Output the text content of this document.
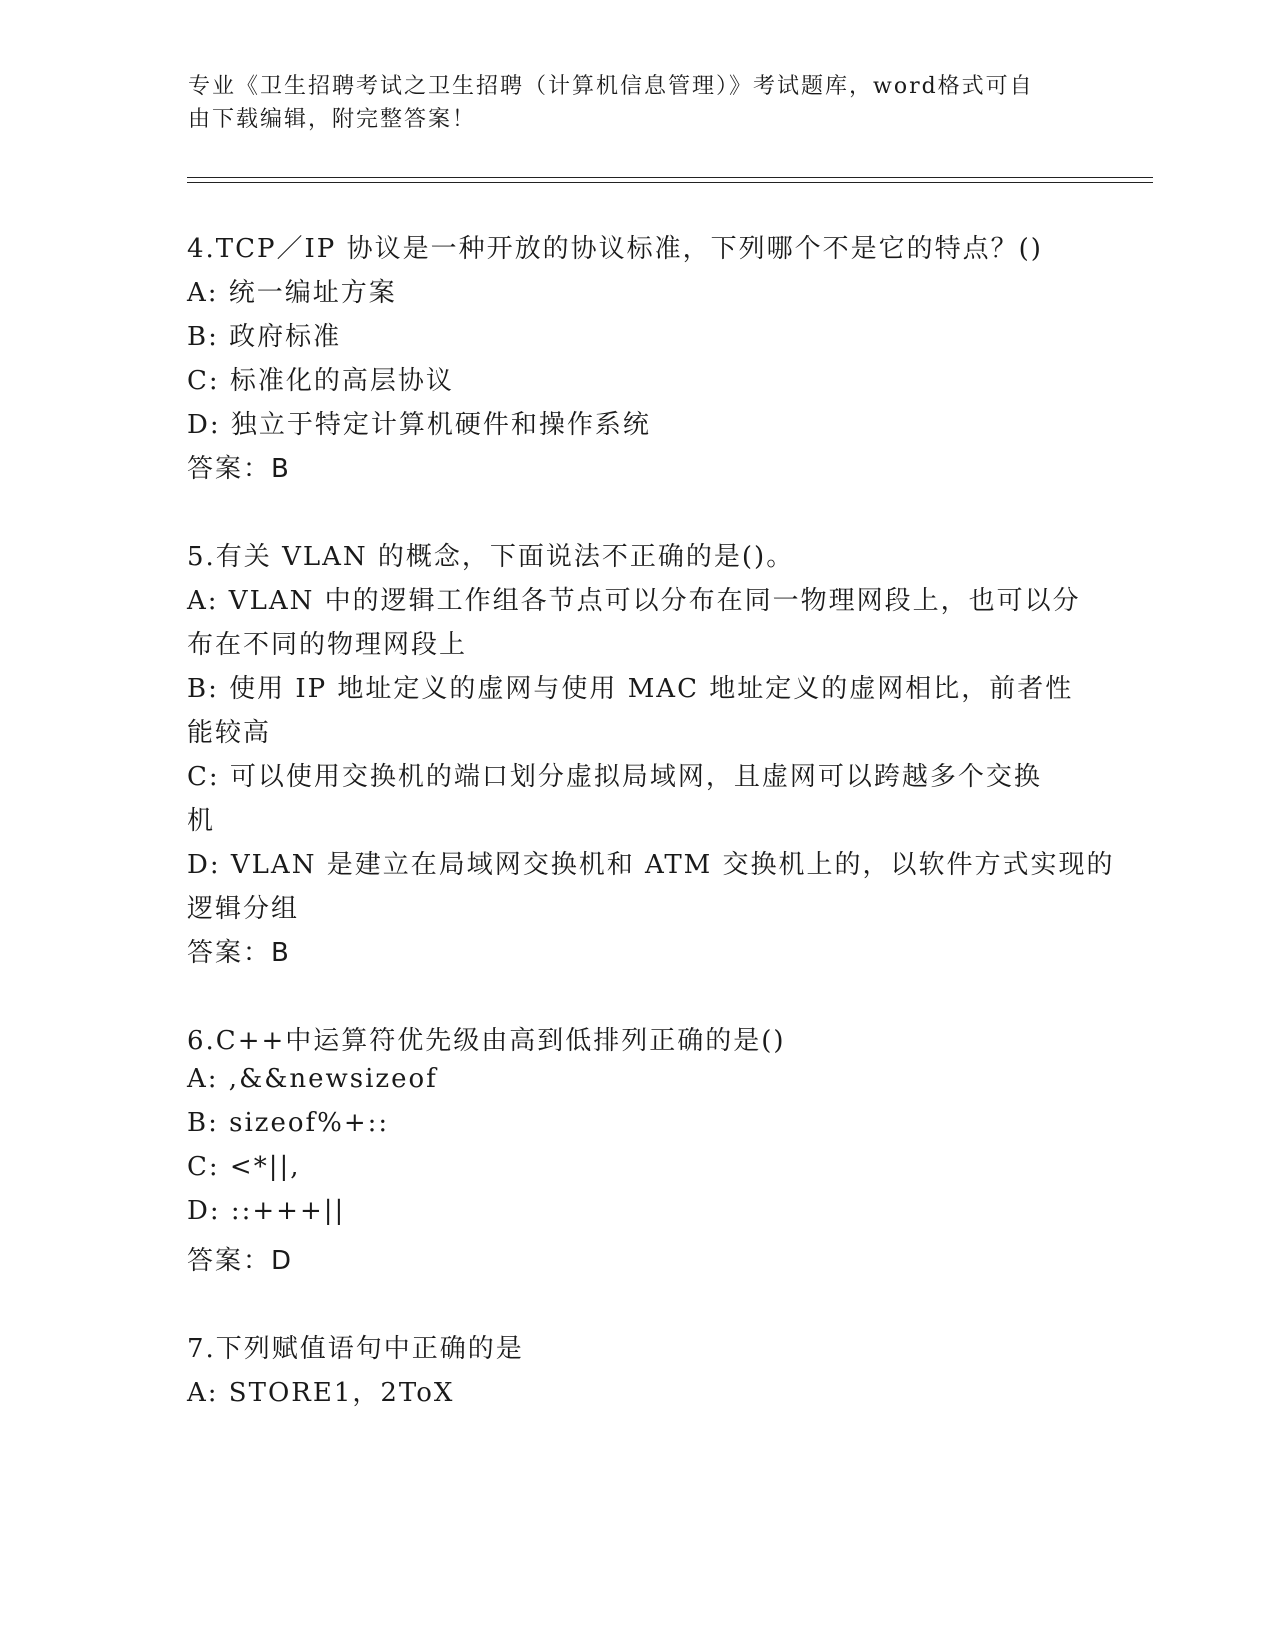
专业《卫生招聘考试之卫生招聘（计算机信息管理）》考试题库，word格式可自
由下载编辑，附完整答案！
4.TCP／IP 协议是一种开放的协议标准，下列哪个不是它的特点？()
A: 统一编址方案
B: 政府标准
C: 标准化的高层协议
D: 独立于特定计算机硬件和操作系统
答案：B
5.有关 VLAN 的概念，下面说法不正确的是()。
A: VLAN 中的逻辑工作组各节点可以分布在同一物理网段上，也可以分
布在不同的物理网段上
B: 使用 IP 地址定义的虚网与使用 MAC 地址定义的虚网相比，前者性
能较高
C: 可以使用交换机的端口划分虚拟局域网，且虚网可以跨越多个交换
机
D: VLAN 是建立在局域网交换机和 ATM 交换机上的，以软件方式实现的
逻辑分组
答案：B
6.C++中运算符优先级由高到低排列正确的是()
A: ,&&newsizeof
B: sizeof%+::
C: <*||,
D: ::+++||
答案：D
7.下列赋值语句中正确的是
A: STORE1，2ToX
